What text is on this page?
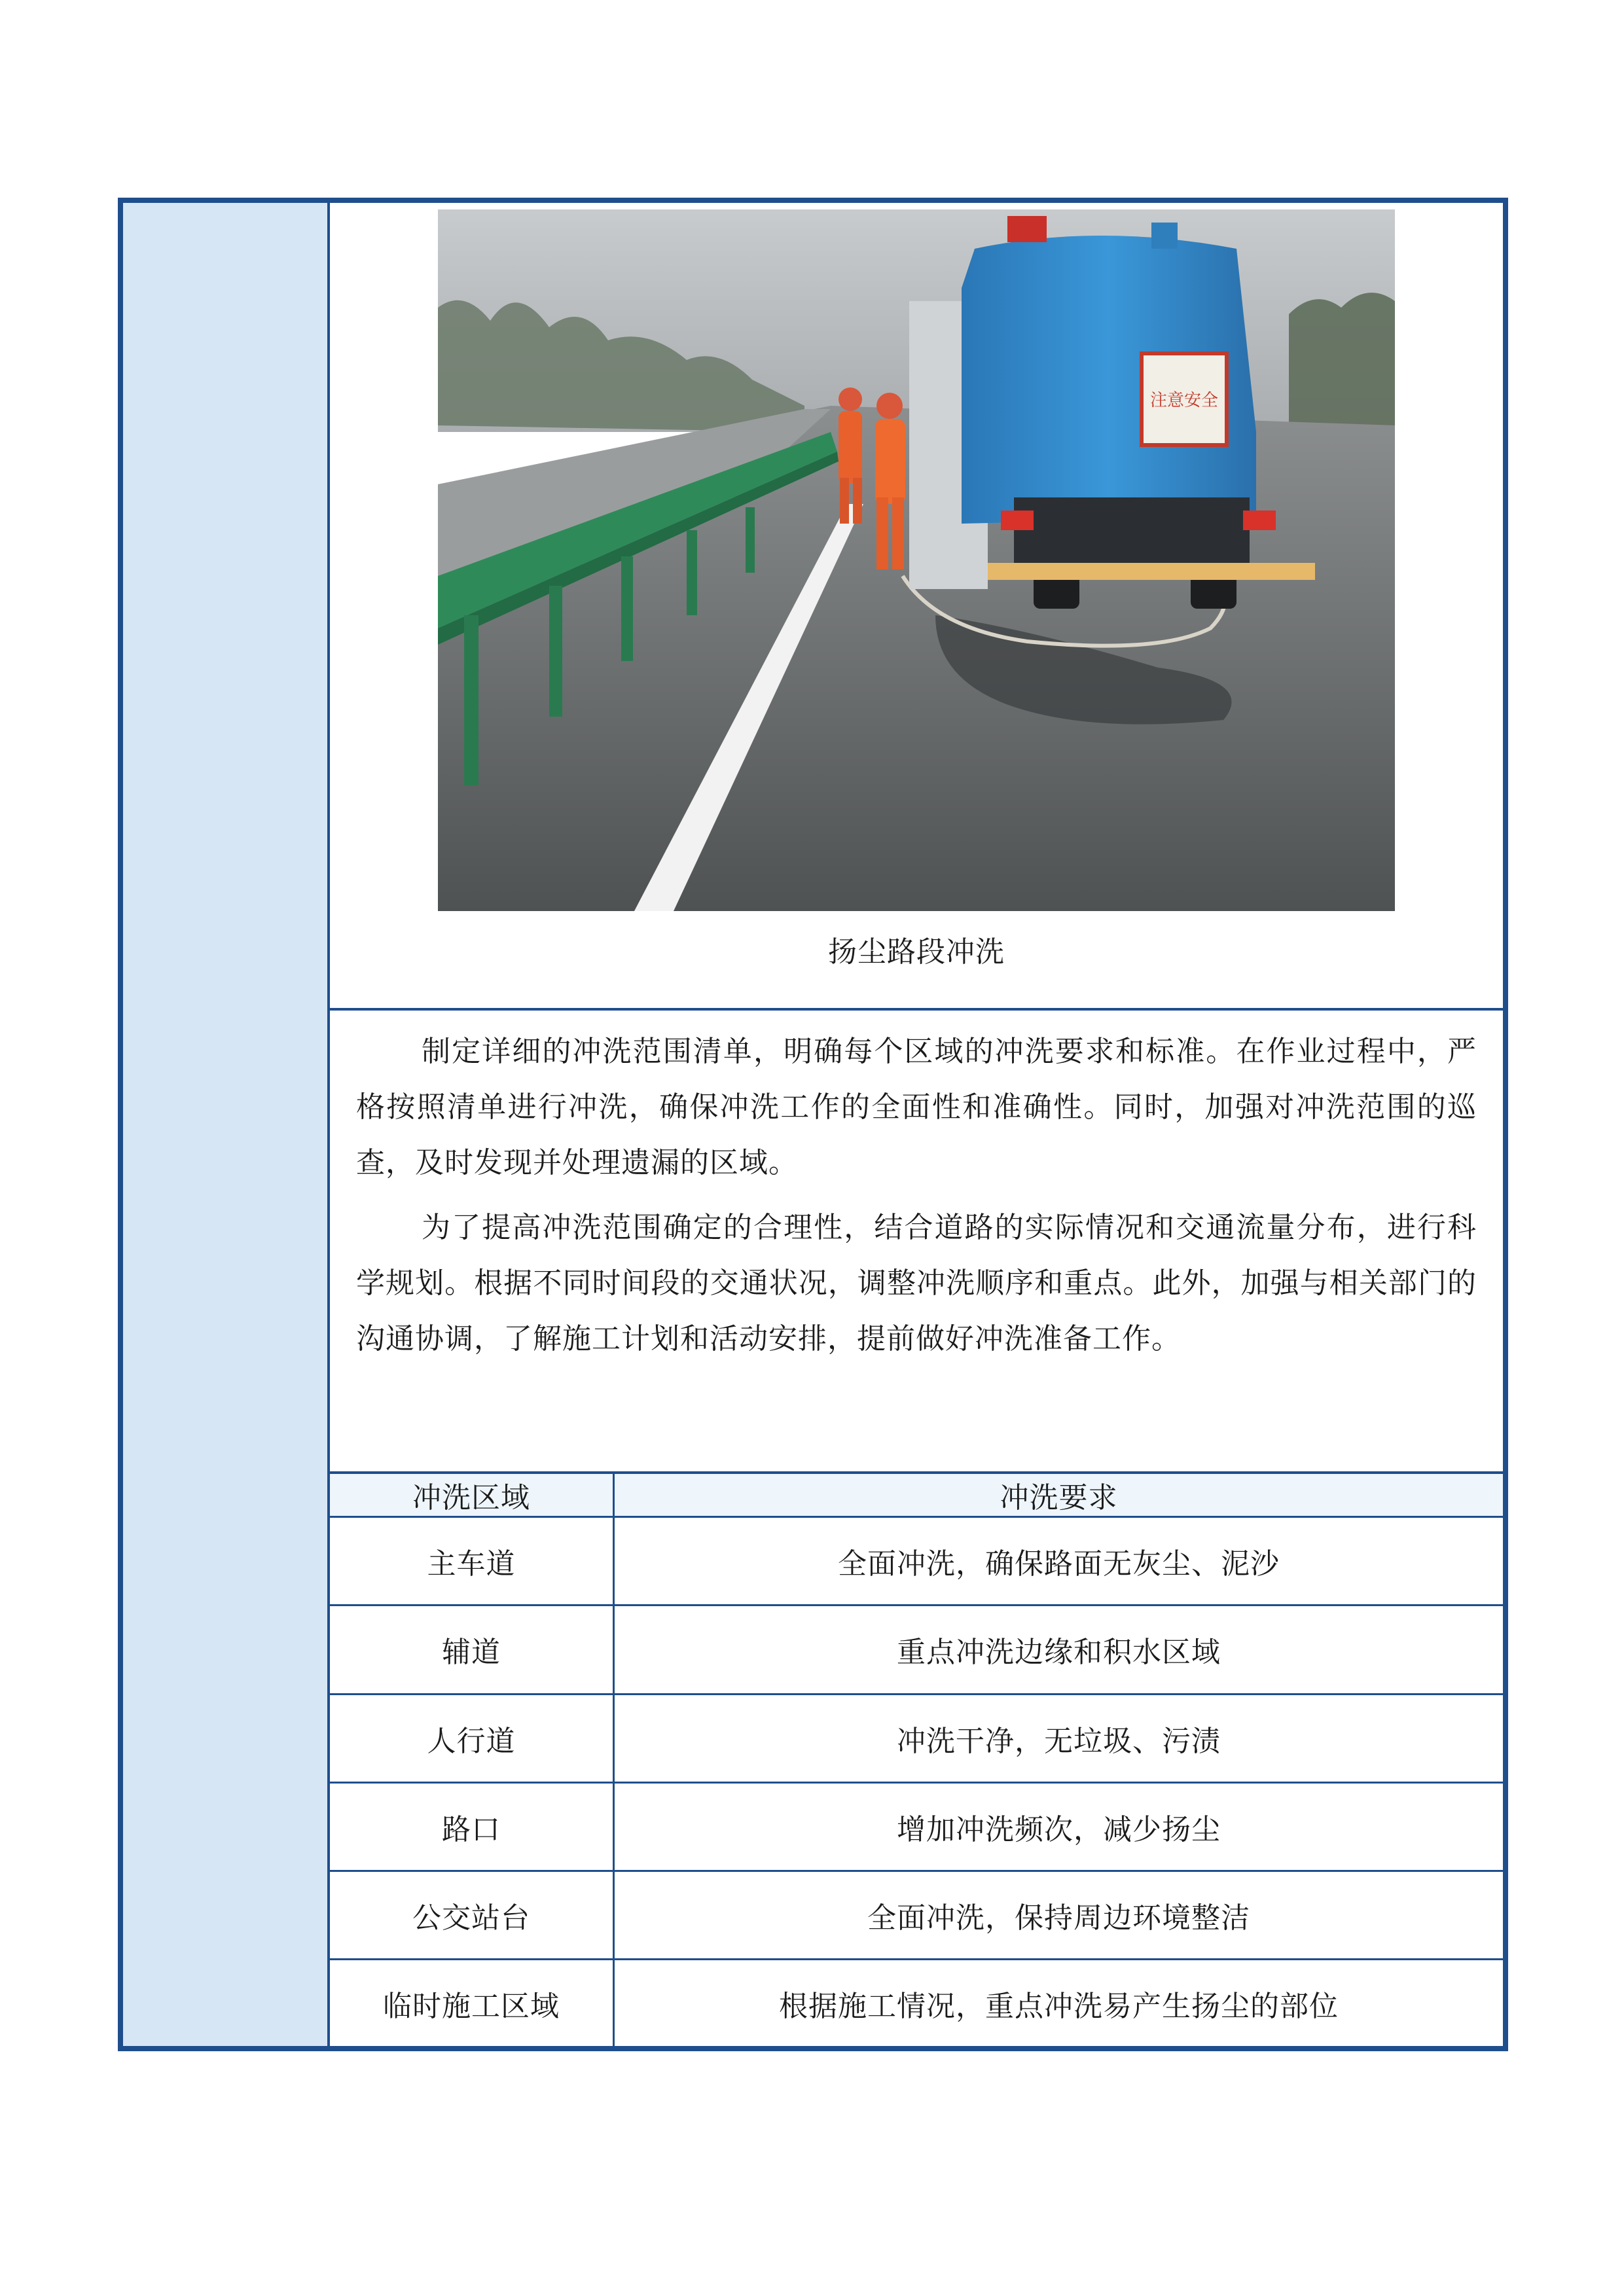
注意安全
扬尘路段冲洗

制定详细的冲洗范围清单，明确每个区域的冲洗要求和标准。在作业过程中，严格按照清单进行冲洗，确保冲洗工作的全面性和准确性。同时，加强对冲洗范围的巡查，及时发现并处理遗漏的区域。

为了提高冲洗范围确定的合理性，结合道路的实际情况和交通流量分布，进行科学规划。根据不同时间段的交通状况，调整冲洗顺序和重点。此外，加强与相关部门的沟通协调，了解施工计划和活动安排，提前做好冲洗准备工作。

冲洗区域	冲洗要求
主车道	全面冲洗，确保路面无灰尘、泥沙
辅道	重点冲洗边缘和积水区域
人行道	冲洗干净，无垃圾、污渍
路口	增加冲洗频次，减少扬尘
公交站台	全面冲洗，保持周边环境整洁
临时施工区域	根据施工情况，重点冲洗易产生扬尘的部位
